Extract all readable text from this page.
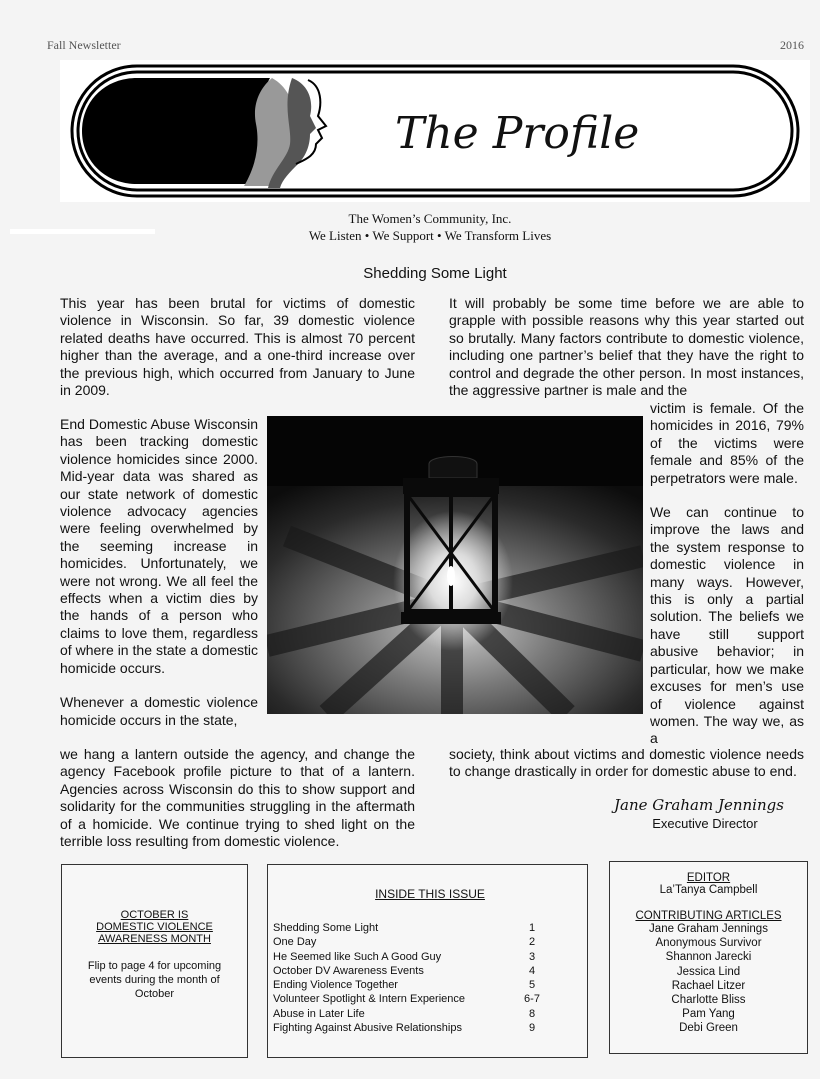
Fall Newsletter	2016
The Profile
The Women’s Community, Inc.
We Listen • We Support • We Transform Lives
Shedding Some Light

This year has been brutal for victims of domestic violence in Wisconsin. So far, 39 domestic violence related deaths have occurred. This is almost 70 percent higher than the average, and a one-third increase over the previous high, which occurred from January to June in 2009.

End Domestic Abuse Wisconsin has been tracking domestic violence homicides since 2000. Mid-year data was shared as our state network of domestic violence advocacy agencies were feeling overwhelmed by the seeming increase in homicides. Unfortunately, we were not wrong. We all feel the effects when a victim dies by the hands of a person who claims to love them, regardless of where in the state a domestic homicide occurs.

Whenever a domestic violence homicide occurs in the state,

we hang a lantern outside the agency, and change the agency Facebook profile picture to that of a lantern. Agencies across Wisconsin do this to show support and solidarity for the communities struggling in the aftermath of a homicide. We continue trying to shed light on the terrible loss resulting from domestic violence.

It will probably be some time before we are able to grapple with possible reasons why this year started out so brutally. Many factors contribute to domestic violence, including one partner’s belief that they have the right to control and degrade the other person. In most instances, the aggressive partner is male and the

victim is female. Of the homicides in 2016, 79% of the victims were female and 85% of the perpetrators were male.

We can continue to improve the laws and the system response to domestic violence in many ways. However, this is only a partial solution. The beliefs we have still support abusive behavior; in particular, how we make excuses for men’s use of violence against women. The way we, as a

society, think about victims and domestic violence needs to change drastically in order for domestic abuse to end.

Jane Graham Jennings
Executive Director
OCTOBER IS
DOMESTIC VIOLENCE
AWARENESS MONTH
Flip to page 4 for upcoming events during the month of October
INSIDE THIS ISSUE
Shedding Some Light	1
One Day	2
He Seemed like Such A Good Guy	3
October DV Awareness Events	4
Ending Violence Together	5
Volunteer Spotlight & Intern Experience	6-7
Abuse in Later Life	8
Fighting Against Abusive Relationships	9
EDITOR
La’Tanya Campbell
CONTRIBUTING ARTICLES
Jane Graham Jennings
Anonymous Survivor
Shannon Jarecki
Jessica Lind
Rachael Litzer
Charlotte Bliss
Pam Yang
Debi Green
